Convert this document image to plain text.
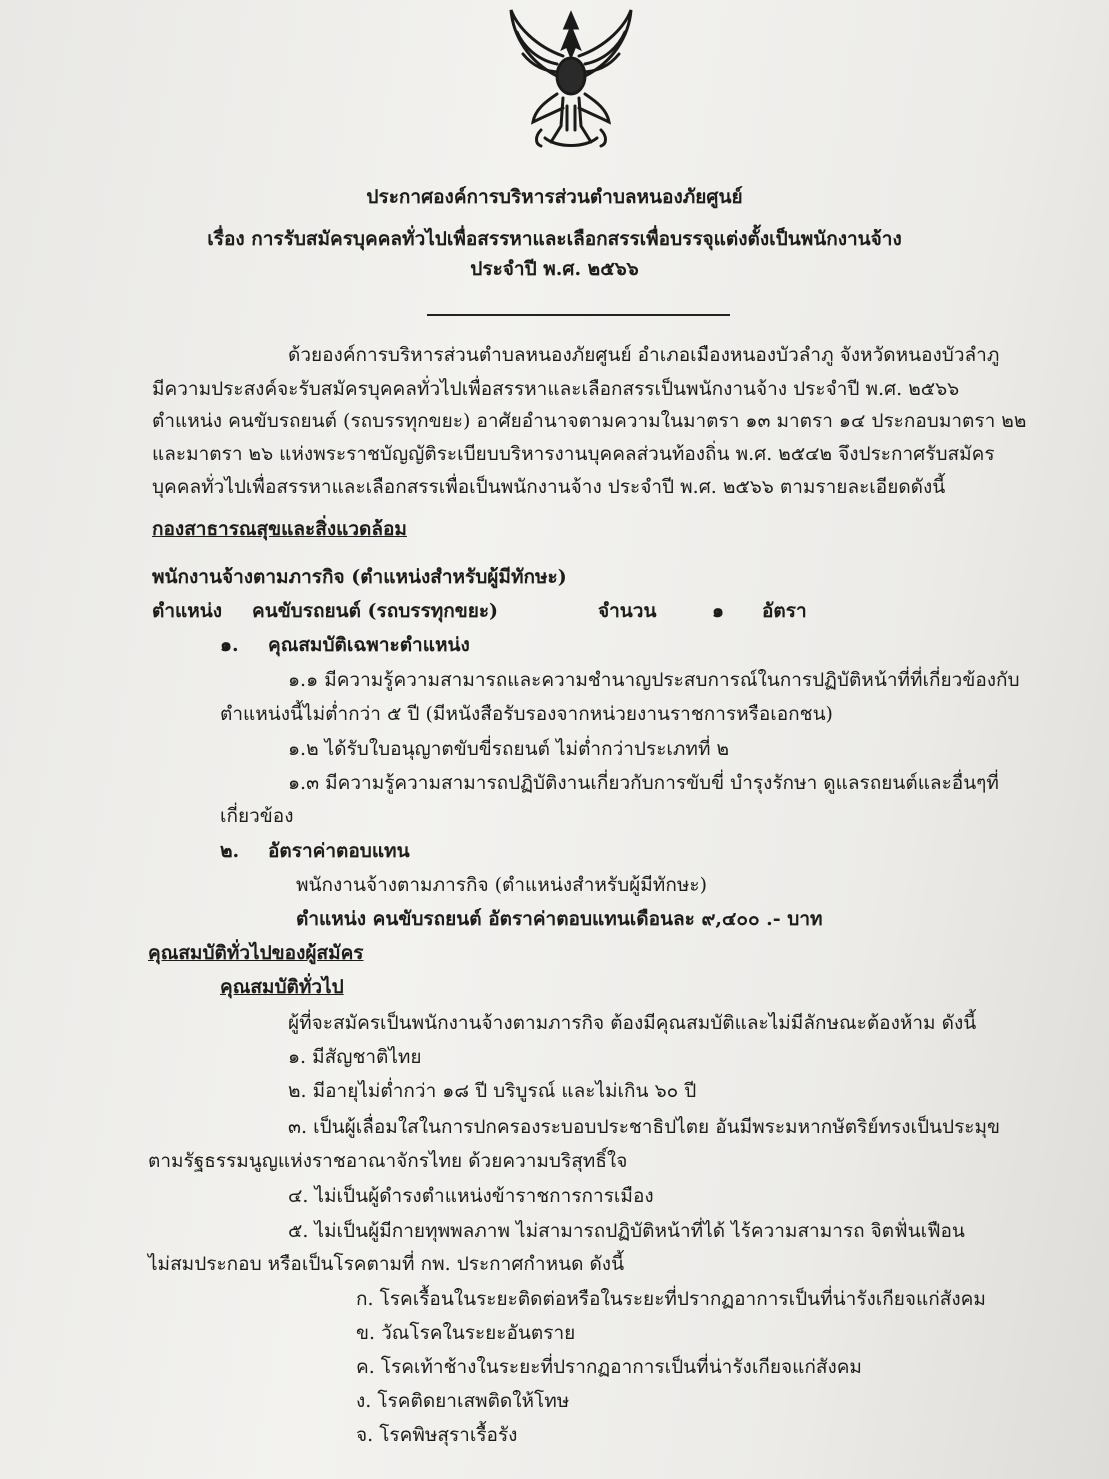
ประกาศองค์การบริหารส่วนตำบลหนองภัยศูนย์
เรื่อง การรับสมัครบุคคลทั่วไปเพื่อสรรหาและเลือกสรรเพื่อบรรจุแต่งตั้งเป็นพนักงานจ้าง
ประจำปี พ.ศ. ๒๕๖๖
ด้วยองค์การบริหารส่วนตำบลหนองภัยศูนย์ อำเภอเมืองหนองบัวลำภู จังหวัดหนองบัวลำภู
มีความประสงค์จะรับสมัครบุคคลทั่วไปเพื่อสรรหาและเลือกสรรเป็นพนักงานจ้าง ประจำปี พ.ศ. ๒๕๖๖
ตำแหน่ง คนขับรถยนต์ (รถบรรทุกขยะ) อาศัยอำนาจตามความในมาตรา ๑๓ มาตรา ๑๔ ประกอบมาตรา ๒๒
และมาตรา ๒๖ แห่งพระราชบัญญัติระเบียบบริหารงานบุคคลส่วนท้องถิ่น พ.ศ. ๒๕๔๒ จึงประกาศรับสมัคร
บุคคลทั่วไปเพื่อสรรหาและเลือกสรรเพื่อเป็นพนักงานจ้าง ประจำปี พ.ศ. ๒๕๖๖ ตามรายละเอียดดังนี้
กองสาธารณสุขและสิ่งแวดล้อม
พนักงานจ้างตามภารกิจ (ตำแหน่งสำหรับผู้มีทักษะ)
ตำแหน่ง คนขับรถยนต์ (รถบรรทุกขยะ)	จำนวน	๑ อัตรา
๑. คุณสมบัติเฉพาะตำแหน่ง
๑.๑ มีความรู้ความสามารถและความชำนาญประสบการณ์ในการปฏิบัติหน้าที่ที่เกี่ยวข้องกับ
ตำแหน่งนี้ไม่ต่ำกว่า ๕ ปี (มีหนังสือรับรองจากหน่วยงานราชการหรือเอกชน)
๑.๒ ได้รับใบอนุญาตขับขี่รถยนต์ ไม่ต่ำกว่าประเภทที่ ๒
๑.๓ มีความรู้ความสามารถปฏิบัติงานเกี่ยวกับการขับขี่ บำรุงรักษา ดูแลรถยนต์และอื่นๆที่
เกี่ยวข้อง
๒. อัตราค่าตอบแทน
พนักงานจ้างตามภารกิจ (ตำแหน่งสำหรับผู้มีทักษะ)
ตำแหน่ง คนขับรถยนต์ อัตราค่าตอบแทนเดือนละ ๙,๔๐๐ .- บาท
คุณสมบัติทั่วไปของผู้สมัคร
คุณสมบัติทั่วไป
ผู้ที่จะสมัครเป็นพนักงานจ้างตามภารกิจ ต้องมีคุณสมบัติและไม่มีลักษณะต้องห้าม ดังนี้
๑. มีสัญชาติไทย
๒. มีอายุไม่ต่ำกว่า ๑๘ ปี บริบูรณ์ และไม่เกิน ๖๐ ปี
๓. เป็นผู้เลื่อมใสในการปกครองระบอบประชาธิปไตย อันมีพระมหากษัตริย์ทรงเป็นประมุข
ตามรัฐธรรมนูญแห่งราชอาณาจักรไทย ด้วยความบริสุทธิ์ใจ
๔. ไม่เป็นผู้ดำรงตำแหน่งข้าราชการการเมือง
๕. ไม่เป็นผู้มีกายทุพพลภาพ ไม่สามารถปฏิบัติหน้าที่ได้ ไร้ความสามารถ จิตฟั่นเฟือน
ไม่สมประกอบ หรือเป็นโรคตามที่ กพ. ประกาศกำหนด ดังนี้
ก. โรคเรื้อนในระยะติดต่อหรือในระยะที่ปรากฏอาการเป็นที่น่ารังเกียจแก่สังคม
ข. วัณโรคในระยะอันตราย
ค. โรคเท้าช้างในระยะที่ปรากฏอาการเป็นที่น่ารังเกียจแก่สังคม
ง. โรคติดยาเสพติดให้โทษ
จ. โรคพิษสุราเรื้อรัง
